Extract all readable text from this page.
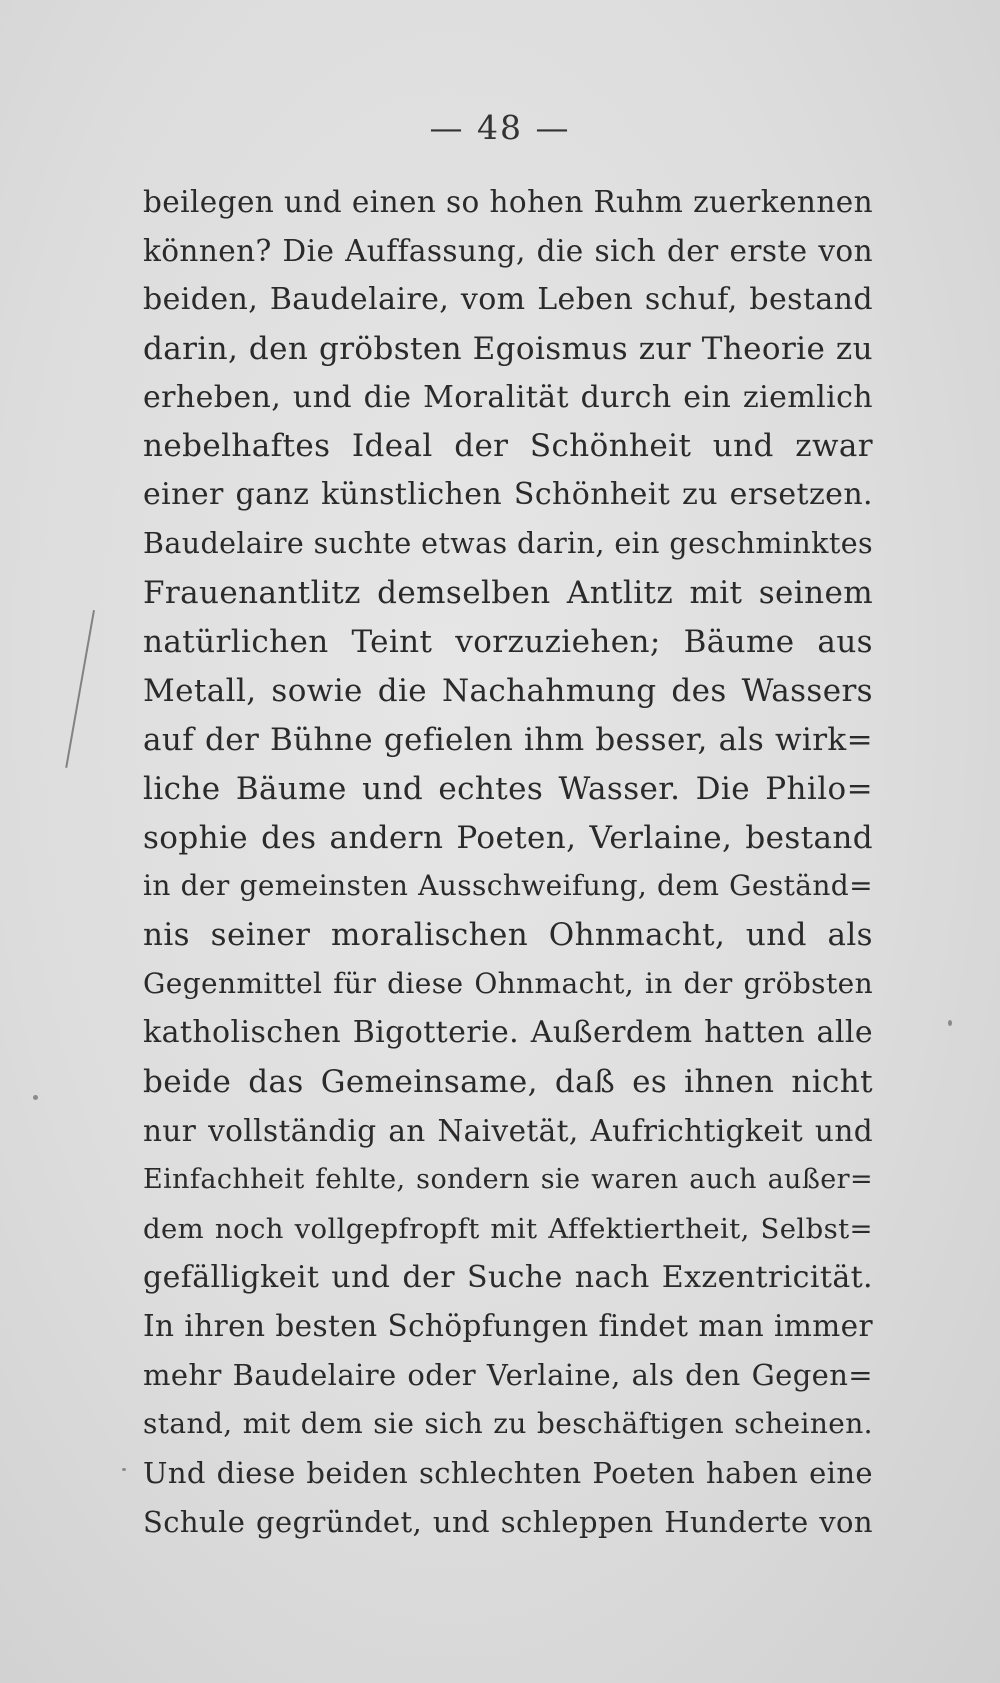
— 48 —
beilegen und einen so hohen Ruhm zuerkennen
können? Die Auffassung, die sich der erste von
beiden, Baudelaire, vom Leben schuf, bestand
darin, den gröbsten Egoismus zur Theorie zu
erheben, und die Moralität durch ein ziemlich
nebelhaftes Ideal der Schönheit und zwar
einer ganz künstlichen Schönheit zu ersetzen.
Baudelaire suchte etwas darin, ein geschminktes
Frauenantlitz demselben Antlitz mit seinem
natürlichen Teint vorzuziehen; Bäume aus
Metall, sowie die Nachahmung des Wassers
auf der Bühne gefielen ihm besser, als wirk=
liche Bäume und echtes Wasser. Die Philo=
sophie des andern Poeten, Verlaine, bestand
in der gemeinsten Ausschweifung, dem Geständ=
nis seiner moralischen Ohnmacht, und als
Gegenmittel für diese Ohnmacht, in der gröbsten
katholischen Bigotterie. Außerdem hatten alle
beide das Gemeinsame, daß es ihnen nicht
nur vollständig an Naivetät, Aufrichtigkeit und
Einfachheit fehlte, sondern sie waren auch außer=
dem noch vollgepfropft mit Affektiertheit, Selbst=
gefälligkeit und der Suche nach Exzentricität.
In ihren besten Schöpfungen findet man immer
mehr Baudelaire oder Verlaine, als den Gegen=
stand, mit dem sie sich zu beschäftigen scheinen.
Und diese beiden schlechten Poeten haben eine
Schule gegründet, und schleppen Hunderte von
